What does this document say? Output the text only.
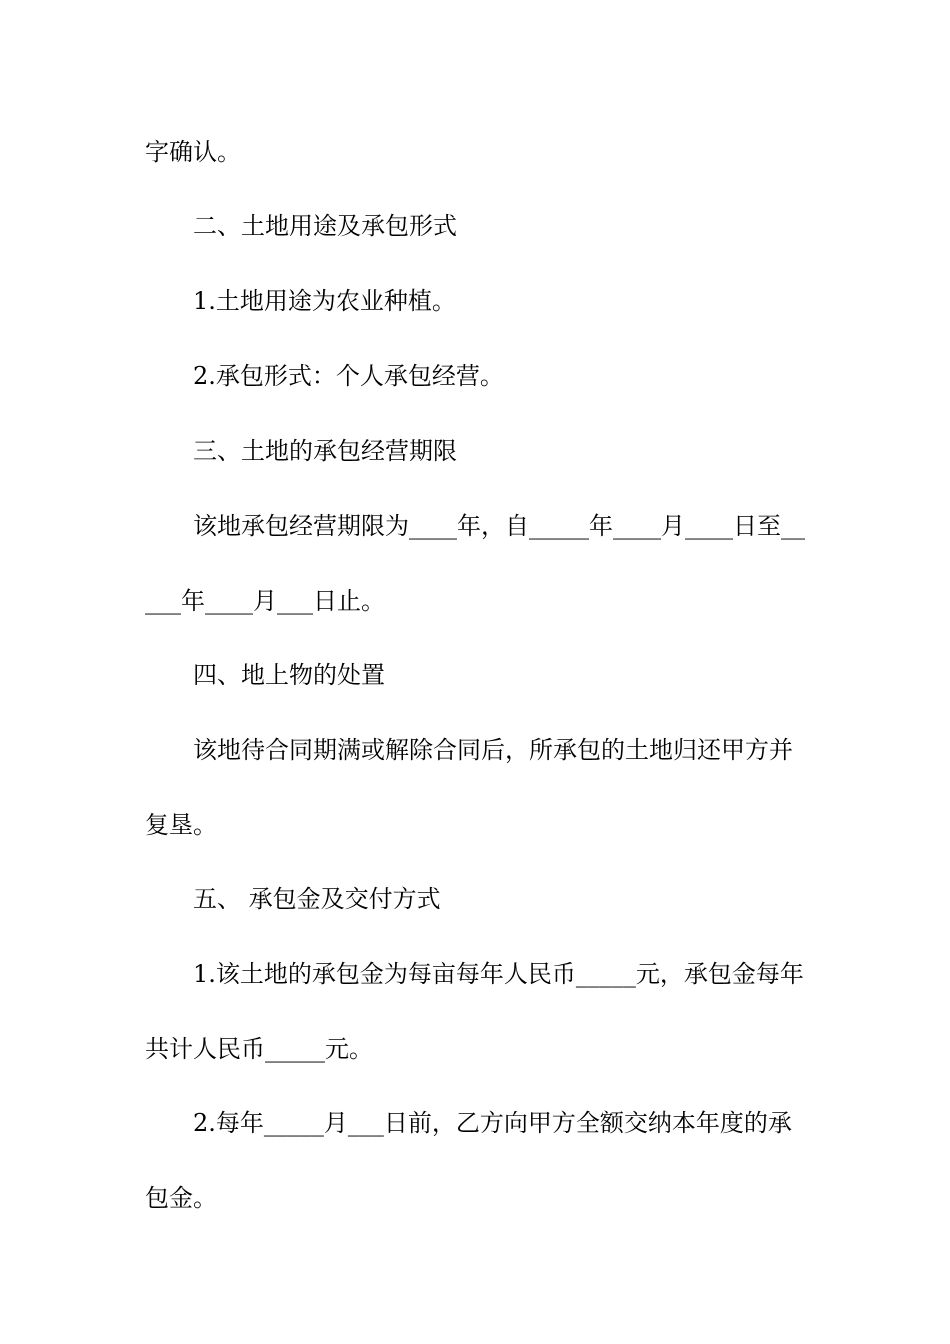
字确认。
二、土地用途及承包形式
1.土地用途为农业种植。
2.承包形式：个人承包经营。
三、土地的承包经营期限
该地承包经营期限为____年，自_____年____月____日至__
___年____月___日止。
四、地上物的处置
该地待合同期满或解除合同后，所承包的土地归还甲方并
复垦。
五、 承包金及交付方式
1.该土地的承包金为每亩每年人民币_____元，承包金每年
共计人民币_____元。
2.每年_____月___日前，乙方向甲方全额交纳本年度的承
包金。
